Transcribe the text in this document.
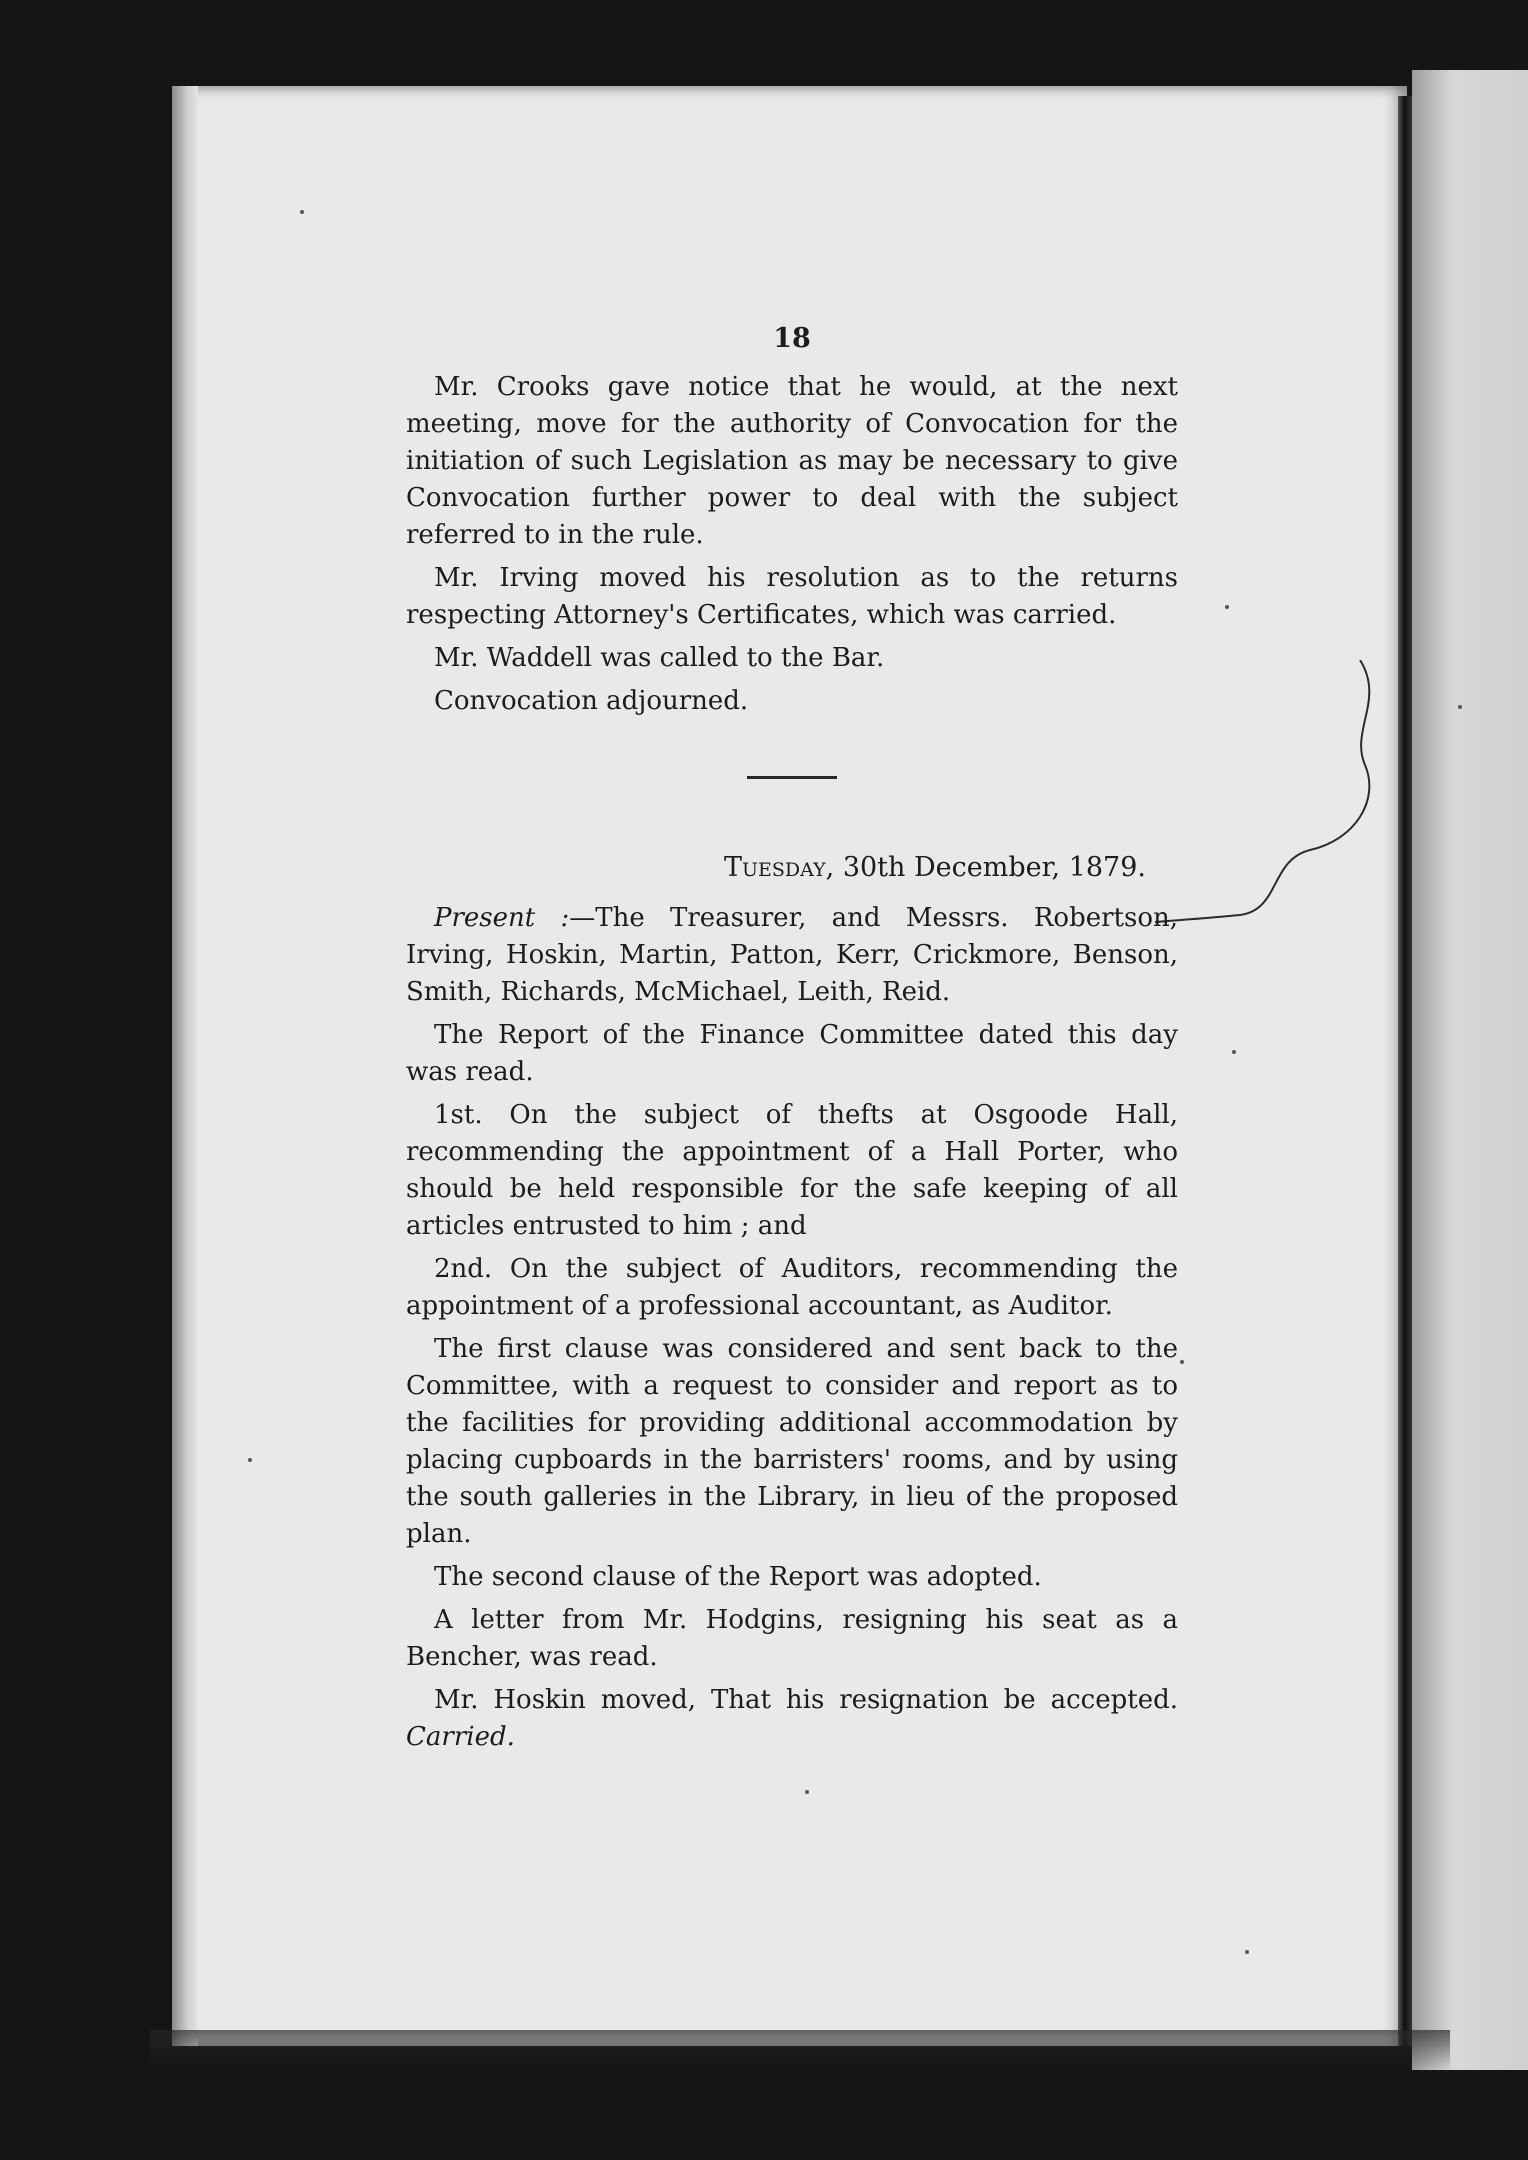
18

Mr. Crooks gave notice that he would, at the next meeting, move for the authority of Convocation for the initiation of such Legislation as may be necessary to give Convocation further power to deal with the subject referred to in the rule.

Mr. Irving moved his resolution as to the returns respecting Attorney's Certificates, which was carried.

Mr. Waddell was called to the Bar.

Convocation adjourned.

Tuesday, 30th December, 1879.

Present :—The Treasurer, and Messrs. Robertson, Irving, Hoskin, Martin, Patton, Kerr, Crickmore, Benson, Smith, Richards, McMichael, Leith, Reid.

The Report of the Finance Committee dated this day was read.

1st. On the subject of thefts at Osgoode Hall, recommending the appointment of a Hall Porter, who should be held responsible for the safe keeping of all articles entrusted to him ; and

2nd. On the subject of Auditors, recommending the appointment of a professional accountant, as Auditor.

The first clause was considered and sent back to the Committee, with a request to consider and report as to the facilities for providing additional accommodation by placing cupboards in the barristers' rooms, and by using the south galleries in the Library, in lieu of the proposed plan.

The second clause of the Report was adopted.

A letter from Mr. Hodgins, resigning his seat as a Bencher, was read.

Mr. Hoskin moved, That his resignation be accepted. Carried.
